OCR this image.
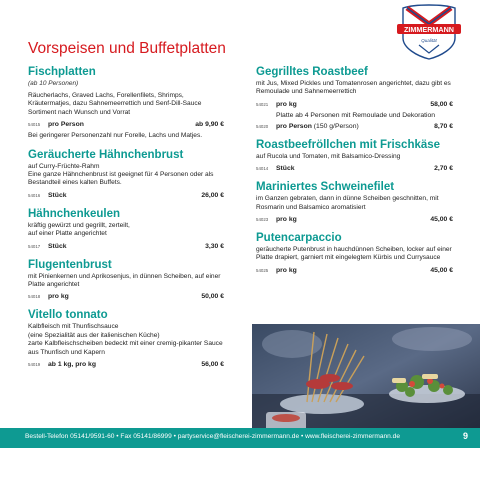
ZIMMERMANN
Qualität
Vorspeisen und Buffetplatten
Fischplatten
(ab 10 Personen)
Räucherlachs, Graved Lachs, Forellenfilets, Shrimps, Kräutermatjes, dazu Sahnemeerrettich und Senf-Dill-Sauce
Sortiment nach Wunsch und Vorrat
54015	pro Person	ab 9,90 €
Bei geringerer Personenzahl nur Forelle, Lachs und Matjes.
Geräucherte Hähnchenbrust
auf Curry-Früchte-Rahm
Eine ganze Hähnchenbrust ist geeignet für 4 Personen oder als Bestandteil eines kalten Buffets.
54016	Stück	26,00 €
Hähnchenkeulen
kräftig gewürzt und gegrillt, zerteilt,
auf einer Platte angerichtet
54017	Stück	3,30 €
Flugentenbrust
mit Pinienkernen und Aprikosenjus, in dünnen Scheiben, auf einer Platte angerichtet
54018	pro kg	50,00 €
Vitello tonnato
Kalbfleisch mit Thunfischsauce
(eine Spezialität aus der italienischen Küche)
zarte Kalbfleischscheiben bedeckt mit einer cremig-pikanter Sauce aus Thunfisch und Kapern
54019	ab 1 kg, pro kg	56,00 €
Gegrilltes Roastbeef
mit Jus, Mixed Pickles und Tomatenrosen angerichtet, dazu gibt es Remoulade und Sahnemeerrettich
54021	pro kg	58,00 €
Platte ab 4 Personen mit Remoulade und Dekoration
54020	pro Person (150 g/Person)	8,70 €
Roastbeefröllchen mit Frischkäse
auf Rucola und Tomaten, mit Balsamico-Dressing
54014	Stück	2,70 €
Mariniertes Schweinefilet
im Ganzen gebraten, dann in dünne Scheiben geschnitten, mit Rosmarin und Balsamico aromatisiert
54023	pro kg	45,00 €
Putencarpaccio
gerāucherte Putenbrust in hauchdünnen Scheiben, locker auf einer Platte drapiert, garniert mit eingelegtem Kürbis und Currysauce
54025	pro kg	45,00 €
Bestell-Telefon 05141/9591-60 • Fax 05141/86999 • partyservice@fleischerei-zimmermann.de • www.fleischerei-zimmermann.de	9
